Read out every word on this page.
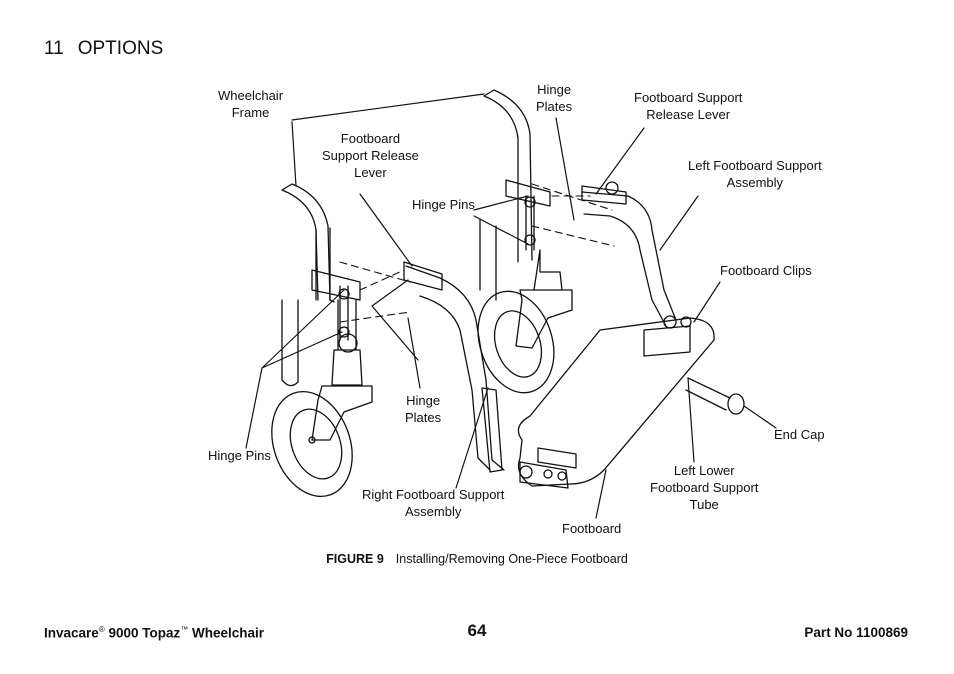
11 OPTIONS
Wheelchair
Frame
Hinge
Plates
Footboard Support
Release Lever
Footboard
Support Release
Lever	Left Footboard Support
Assembly
Hinge Pins
Footboard Clips
Hinge
Plates
End Cap
Hinge Pins
Left Lower
Footboard Support
Tube
Right Footboard Support
Assembly
Footboard
FIGURE 9 Installing/Removing One-Piece Footboard
Invacare® 9000 Topaz™ Wheelchair	64	Part No 1100869
